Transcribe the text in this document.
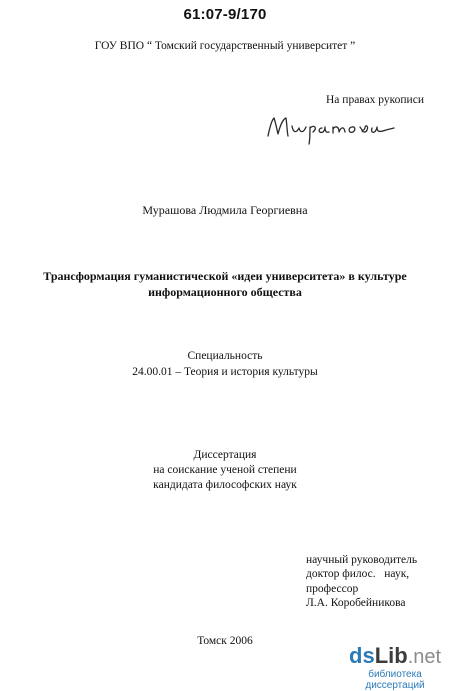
61:07-9/170
ГОУ ВПО “ Томский государственный университет ”
На правах рукописи
Мурашова Людмила Георгиевна
Трансформация гуманистической «идеи университета» в культуре
информационного общества
Специальность
24.00.01 – Теория и история культуры
Диссертация
на соискание ученой степени
кандидата философских наук
научный руководитель
доктор филос.   наук,
профессор
Л.А. Коробейникова
Томск 2006
dsLib.net
библиотека диссертаций
